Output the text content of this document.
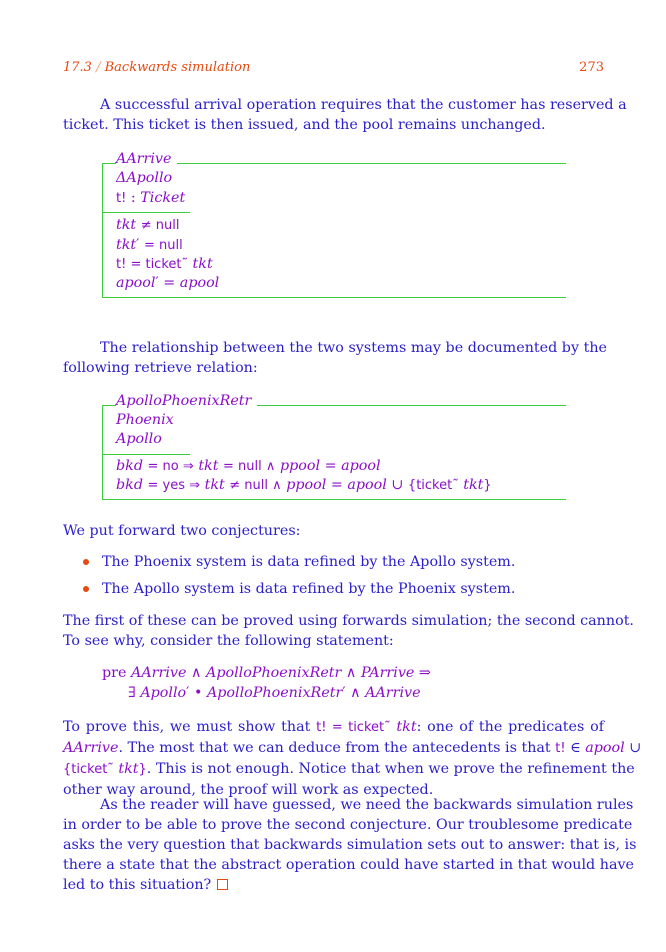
17.3 / Backwards simulation	273
A successful arrival operation requires that the customer has reserved a
ticket. This ticket is then issued, and the pool remains unchanged.
AArrive
ΔApollo
t! : Ticket
tkt ≠ null
tkt′ = null
t! = ticket˜ tkt
apool′ = apool
The relationship between the two systems may be documented by the
following retrieve relation:
ApolloPhoenixRetr
Phoenix
Apollo
bkd = no ⇒ tkt = null ∧ ppool = apool
bkd = yes ⇒ tkt ≠ null ∧ ppool = apool ∪ {ticket˜ tkt}
We put forward two conjectures:
The Phoenix system is data refined by the Apollo system.
The Apollo system is data refined by the Phoenix system.
The first of these can be proved using forwards simulation; the second cannot.
To see why, consider the following statement:
pre AArrive ∧ ApolloPhoenixRetr ∧ PArrive ⇒
∃ Apollo′ • ApolloPhoenixRetr′ ∧ AArrive
To prove this, we must show that t! = ticket˜ tkt: one of the predicates of
AArrive. The most that we can deduce from the antecedents is that t! ∈ apool ∪
{ticket˜ tkt}. This is not enough. Notice that when we prove the refinement the
other way around, the proof will work as expected.
As the reader will have guessed, we need the backwards simulation rules
in order to be able to prove the second conjecture. Our troublesome predicate
asks the very question that backwards simulation sets out to answer: that is, is
there a state that the abstract operation could have started in that would have
led to this situation?
